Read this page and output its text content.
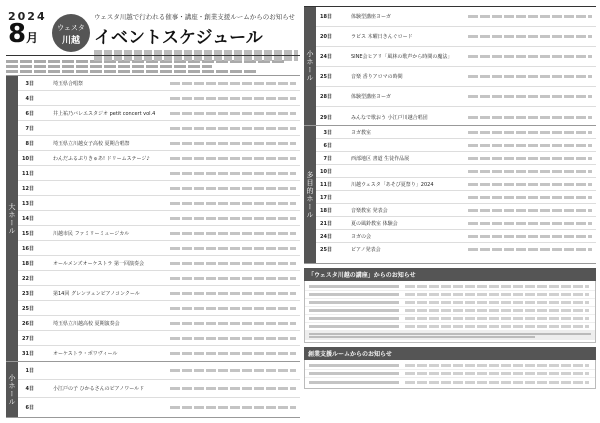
2024
8月
ウェスタ
川越
ウェスタ川越で行われる催事・講座・創業支援ルームからのお知らせ
イベントスケジュール
大ホール
3日	埼玉県合唱祭
4日
6日	井上祐乃バレエスタジオ petit concert vol.4
7日
8日	埼玉県立川越女子高校 夏期合唱祭
10日	わんだふるぷりきゅあ! ドリームステージ♪
11日
12日
13日
14日
15日	川越市民 ファミリーミュージカル
16日
18日	オールメンズオーケストラ 第一回演奏会
22日
23日	第14回 グレンツェンピアノコンクール
25日
26日	埼玉県立川越高校 夏期演奏会
27日
31日	オーケストラ・ポワヴィール
小ホール
1日
4日	小江戸の子 ひかるさんのピアノワールド
6日
小ホール
18日	体験型講座ヨーガ
20日	ラピス 木曜日きんぐロード
24日	SINE会ヒアリ「風林の歌声から時間の魔法」
25日	音楽 香りアロマの時間
28日	体験型講座ヨーガ
29日	みんなで歌おう 小江戸川越合唱団
多目的ホール
3日	ヨガ教室
6日
7日	西部地区 書道 生徒作品展
10日
11日	川越ウェスタ「あそび夏祭り」2024
17日
18日	音楽教室 発表会
21日	夏の風鈴教室 体験会
24日	ヨガの会
25日	ピアノ発表会
「ウェスタ川越の講座」からのお知らせ
創業支援ルームからのお知らせ
